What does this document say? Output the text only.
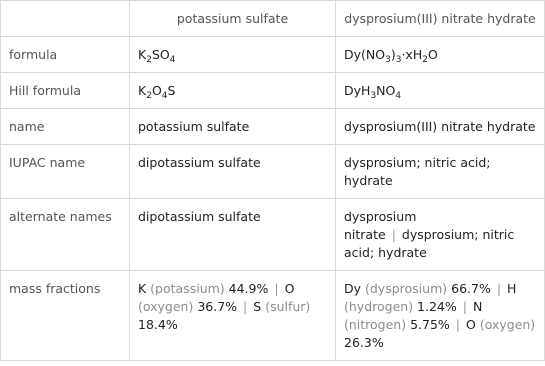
	potassium sulfate	dysprosium(III) nitrate hydrate
formula	$K_2SO_4$	$Dy(NO_3)_3\cdot xH_2O$
Hill formula	$K_2O_4S$	$DyH_3NO_4$
name	potassium sulfate	dysprosium(III) nitrate hydrate
IUPAC name	dipotassium sulfate	dysprosium; nitric acid; hydrate
alternate names	dipotassium sulfate	dysprosium nitrate | dysprosium; nitric acid; hydrate
mass fractions	K (potassium) 44.9% | O (oxygen) 36.7% | S (sulfur) 18.4%	Dy (dysprosium) 66.7% | H (hydrogen) 1.24% | N (nitrogen) 5.75% | O (oxygen) 26.3%
